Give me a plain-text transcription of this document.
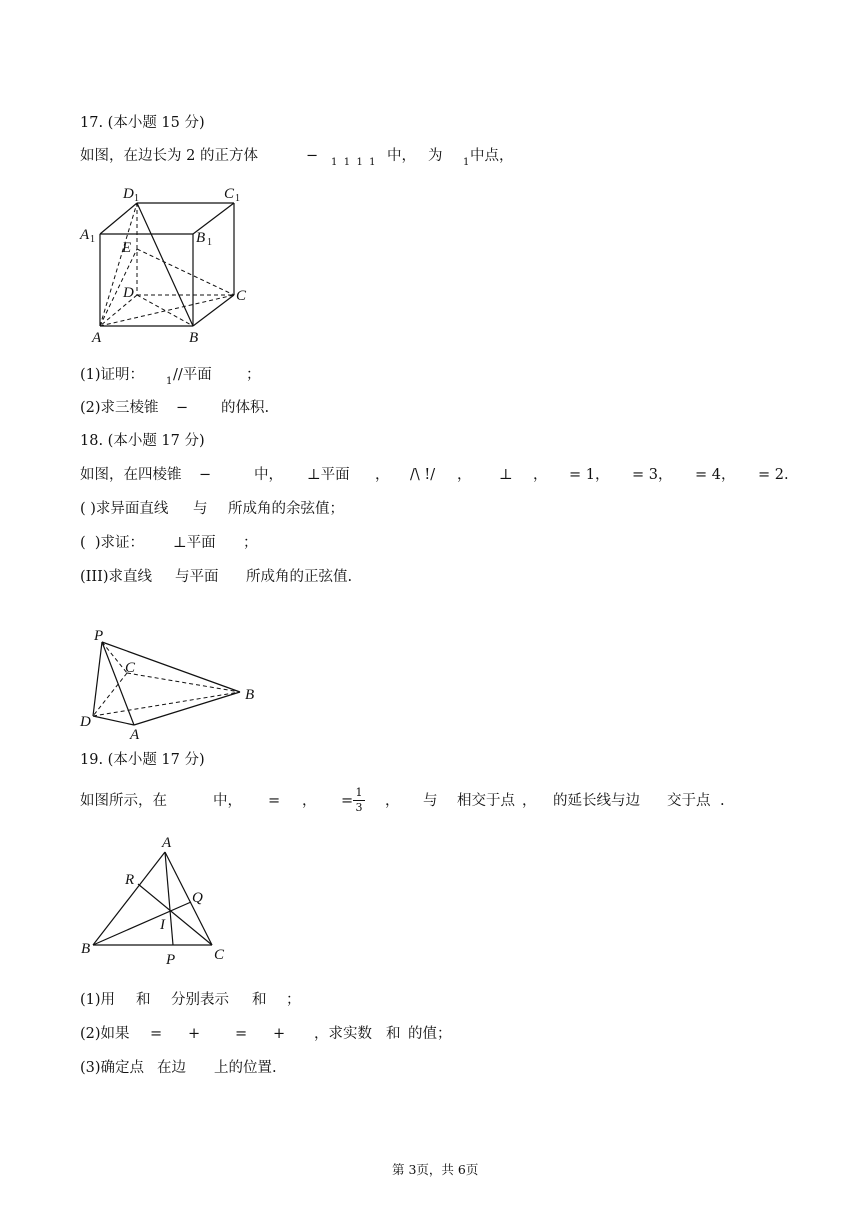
17. (本小题 15 分)
如图，在边长为 2 的正方体	− 1  1  1  1 中， 为 1 中点，
D 1	C 1
A 1	B 1
E
D	C
A	B
(1)证明： 1 //平面 ；
(2)求三棱锥 − 的体积.
18. (本小题 17 分)
如图，在四棱锥 −	中， ⊥平面 ， /\ !/ ， ⊥ ， = 1， = 3， = 4， = 2.
( )求异面直线 与 所成角的余弦值；
(  )求证： ⊥平面 ；
(III)求直线 与平面 所成角的正弦值.
P
C
B
D
A
19. (本小题 17 分)
如图所示，在	中， = ， =
1
3 ， 与 相交于点 ， 的延长线与边 交于点 .
A
R
Q
I
B	C
P
(1)用 和 分别表示 和 ；
(2)如果 = + = + ，求实数 和 的值；
(3)确定点 在边 上的位置.
第 3页，共 6页
